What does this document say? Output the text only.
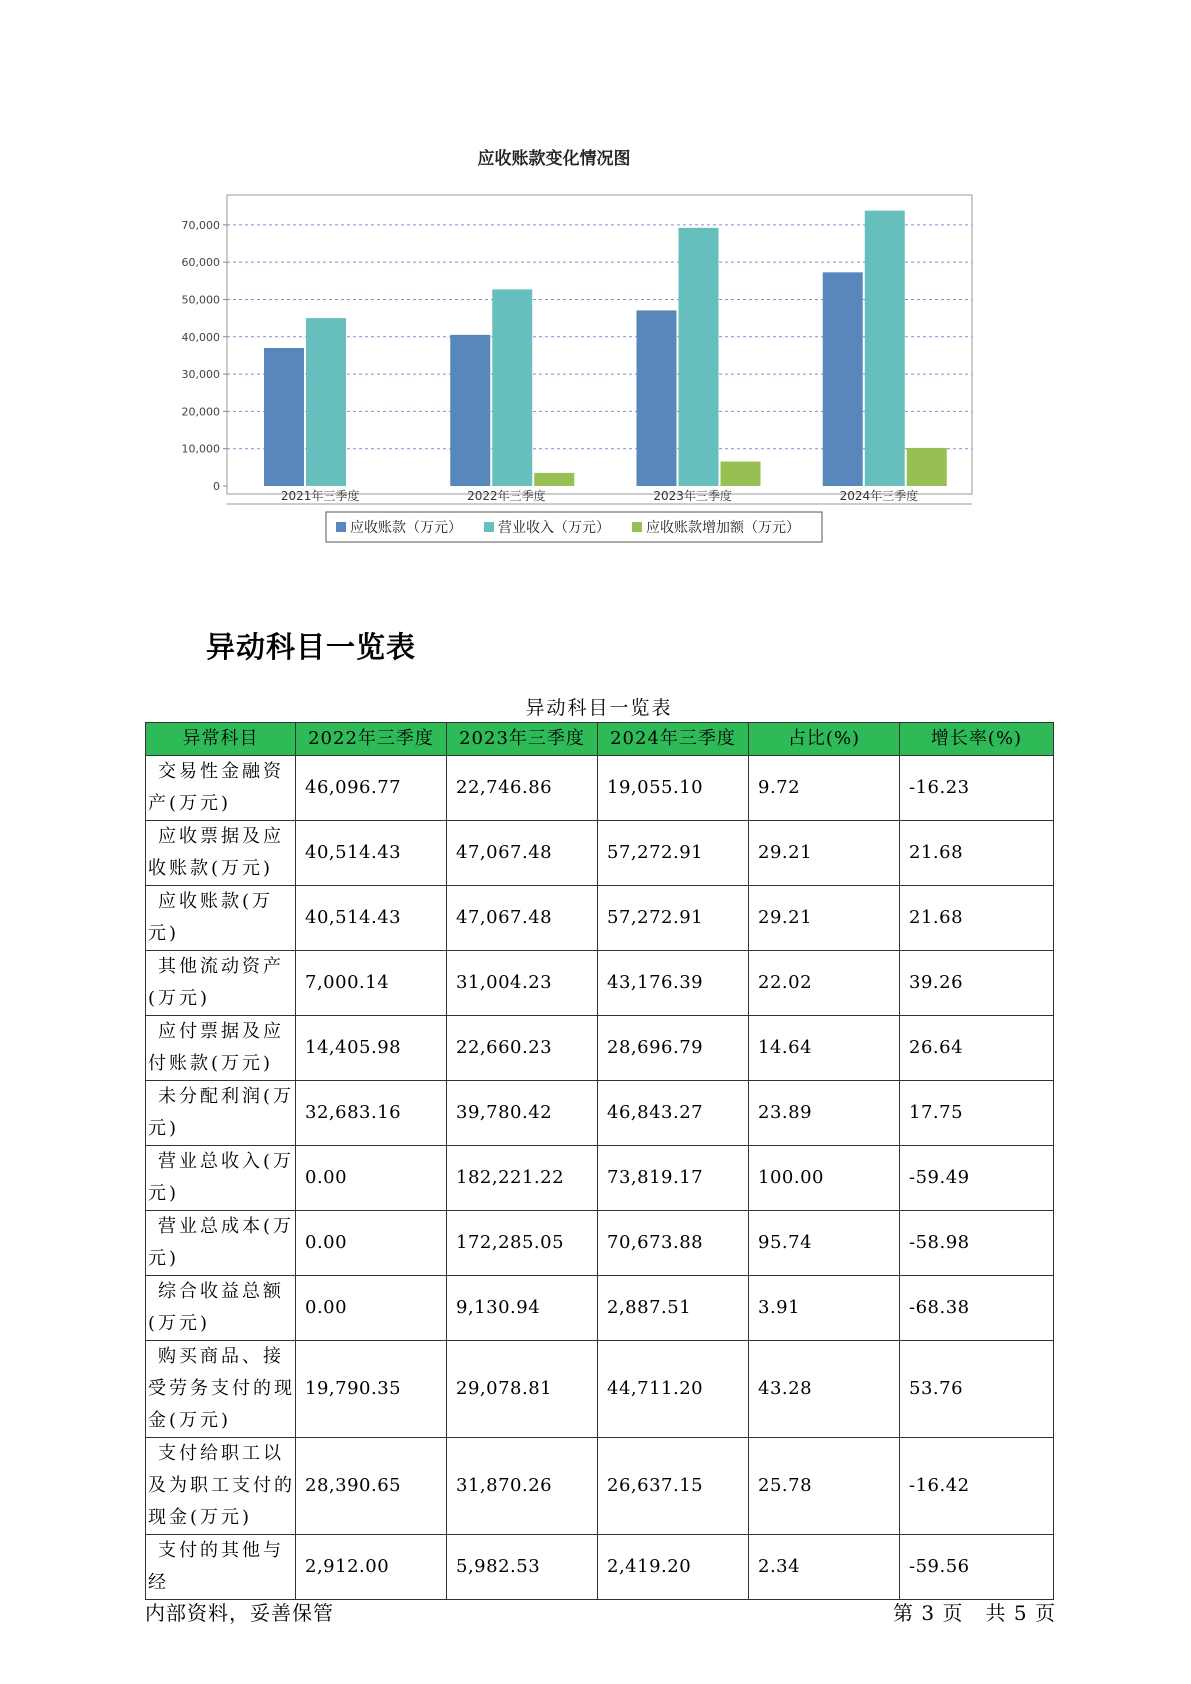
应收账款变化情况图
0
10,000
20,000
30,000
40,000
50,000
60,000
70,000
2021年三季度	2022年三季度	2023年三季度	2024年三季度
应收账款（万元）	营业收入（万元）	应收账款增加额（万元）
异动科目一览表
异动科目一览表
异常科目	2022年三季度	2023年三季度	2024年三季度	占比(%)	增长率(%)
交易性金融资产(万元)	46,096.77	22,746.86	19,055.10	9.72	-16.23
应收票据及应收账款(万元)	40,514.43	47,067.48	57,272.91	29.21	21.68
应收账款(万元)	40,514.43	47,067.48	57,272.91	29.21	21.68
其他流动资产(万元)	7,000.14	31,004.23	43,176.39	22.02	39.26
应付票据及应付账款(万元)	14,405.98	22,660.23	28,696.79	14.64	26.64
未分配利润(万元)	32,683.16	39,780.42	46,843.27	23.89	17.75
营业总收入(万元)	0.00	182,221.22	73,819.17	100.00	-59.49
营业总成本(万元)	0.00	172,285.05	70,673.88	95.74	-58.98
综合收益总额(万元)	0.00	9,130.94	2,887.51	3.91	-68.38
购买商品、接受劳务支付的现金(万元)	19,790.35	29,078.81	44,711.20	43.28	53.76
支付给职工以及为职工支付的现金(万元)	28,390.65	31,870.26	26,637.15	25.78	-16.42
支付的其他与经	2,912.00	5,982.53	2,419.20	2.34	-59.56
内部资料，妥善保管	第 3 页   共 5 页
